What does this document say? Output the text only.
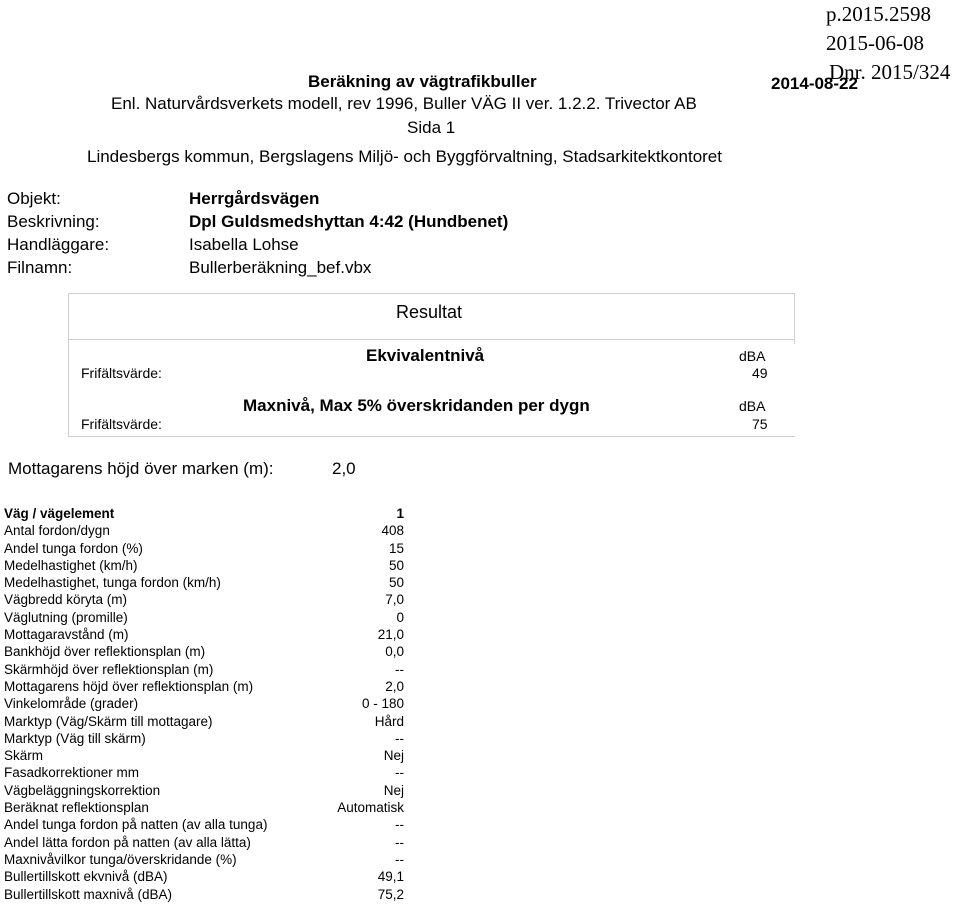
p.2015.2598
2015-06-08
Dnr. 2015/324
Beräkning av vägtrafikbuller	2014-08-22
Enl. Naturvårdsverkets modell, rev 1996, Buller VÄG II ver. 1.2.2. Trivector AB
Sida 1
Lindesbergs kommun, Bergslagens Miljö- och Byggförvaltning, Stadsarkitektkontoret
Objekt:	Herrgårdsvägen
Beskrivning:	Dpl Guldsmedshyttan 4:42 (Hundbenet)
Handläggare:	Isabella Lohse
Filnamn:	Bullerberäkning_bef.vbx
Resultat
Ekvivalentnivå	dBA
Frifältsvärde:	49
Maxnivå, Max 5% överskridanden per dygn	dBA
Frifältsvärde:	75
Mottagarens höjd över marken (m):	2,0
Väg / vägelement	1
Antal fordon/dygn	408
Andel tunga fordon (%)	15
Medelhastighet (km/h)	50
Medelhastighet, tunga fordon (km/h)	50
Vägbredd köryta (m)	7,0
Väglutning (promille)	0
Mottagaravstånd (m)	21,0
Bankhöjd över reflektionsplan (m)	0,0
Skärmhöjd över reflektionsplan (m)	--
Mottagarens höjd över reflektionsplan (m)	2,0
Vinkelområde (grader)	0 - 180
Marktyp (Väg/Skärm till mottagare)	Hård
Marktyp (Väg till skärm)	--
Skärm	Nej
Fasadkorrektioner mm	--
Vägbeläggningskorrektion	Nej
Beräknat reflektionsplan	Automatisk
Andel tunga fordon på natten (av alla tunga)	--
Andel lätta fordon på natten (av alla lätta)	--
Maxnivåvilkor tunga/överskridande (%)	--
Bullertillskott ekvnivå (dBA)	49,1
Bullertillskott maxnivå (dBA)	75,2
